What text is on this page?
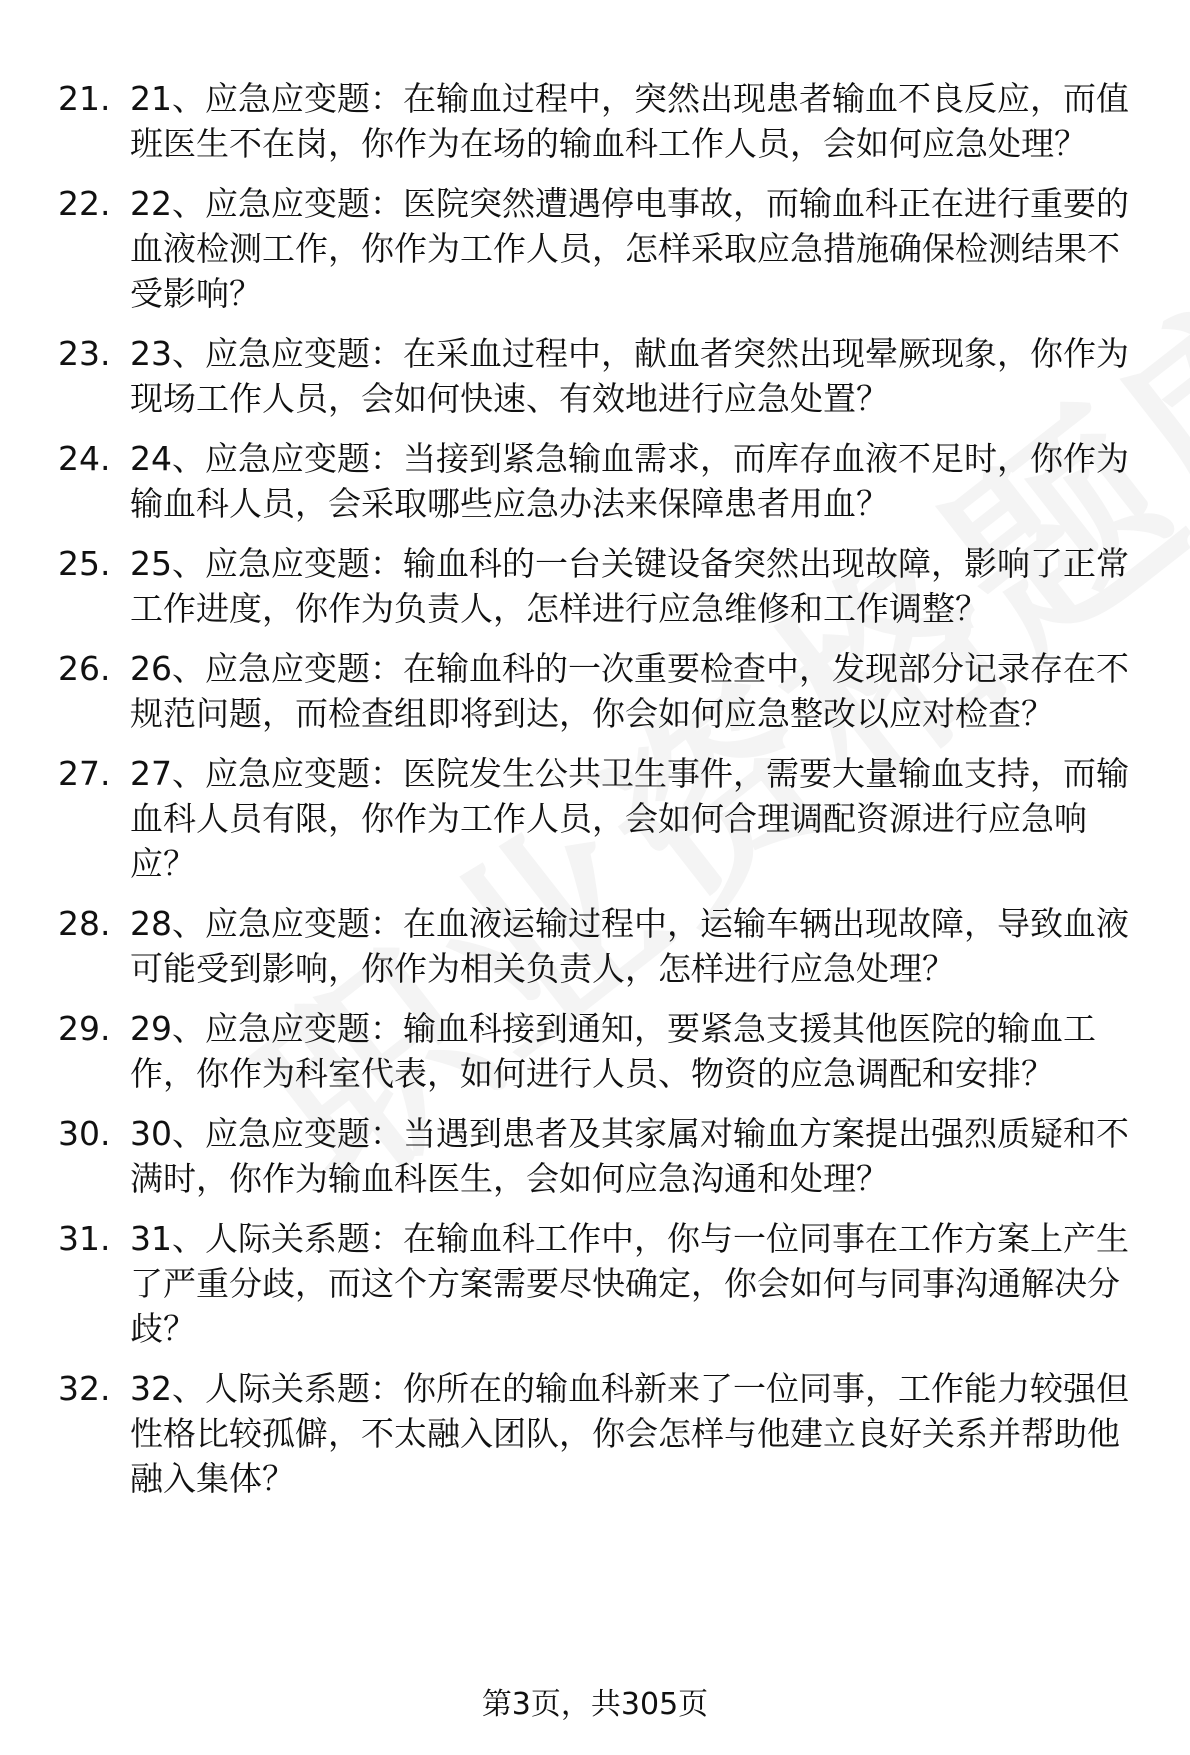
21. 21、应急应变题：在输血过程中，突然出现患者输血不良反应，而值班医生不在岗，你作为在场的输血科工作人员，会如何应急处理？
22. 22、应急应变题：医院突然遭遇停电事故，而输血科正在进行重要的血液检测工作，你作为工作人员，怎样采取应急措施确保检测结果不受影响？
23. 23、应急应变题：在采血过程中，献血者突然出现晕厥现象，你作为现场工作人员，会如何快速、有效地进行应急处置？
24. 24、应急应变题：当接到紧急输血需求，而库存血液不足时，你作为输血科人员，会采取哪些应急办法来保障患者用血？
25. 25、应急应变题：输血科的一台关键设备突然出现故障，影响了正常工作进度，你作为负责人，怎样进行应急维修和工作调整？
26. 26、应急应变题：在输血科的一次重要检查中，发现部分记录存在不规范问题，而检查组即将到达，你会如何应急整改以应对检查？
27. 27、应急应变题：医院发生公共卫生事件，需要大量输血支持，而输血科人员有限，你作为工作人员，会如何合理调配资源进行应急响应？
28. 28、应急应变题：在血液运输过程中，运输车辆出现故障，导致血液可能受到影响，你作为相关负责人，怎样进行应急处理？
29. 29、应急应变题：输血科接到通知，要紧急支援其他医院的输血工作，你作为科室代表，如何进行人员、物资的应急调配和安排？
30. 30、应急应变题：当遇到患者及其家属对输血方案提出强烈质疑和不满时，你作为输血科医生，会如何应急沟通和处理？
31. 31、人际关系题：在输血科工作中，你与一位同事在工作方案上产生了严重分歧，而这个方案需要尽快确定，你会如何与同事沟通解决分歧？
32. 32、人际关系题：你所在的输血科新来了一位同事，工作能力较强但性格比较孤僻，不太融入团队，你会怎样与他建立良好关系并帮助他融入集体？
第3页，共305页
